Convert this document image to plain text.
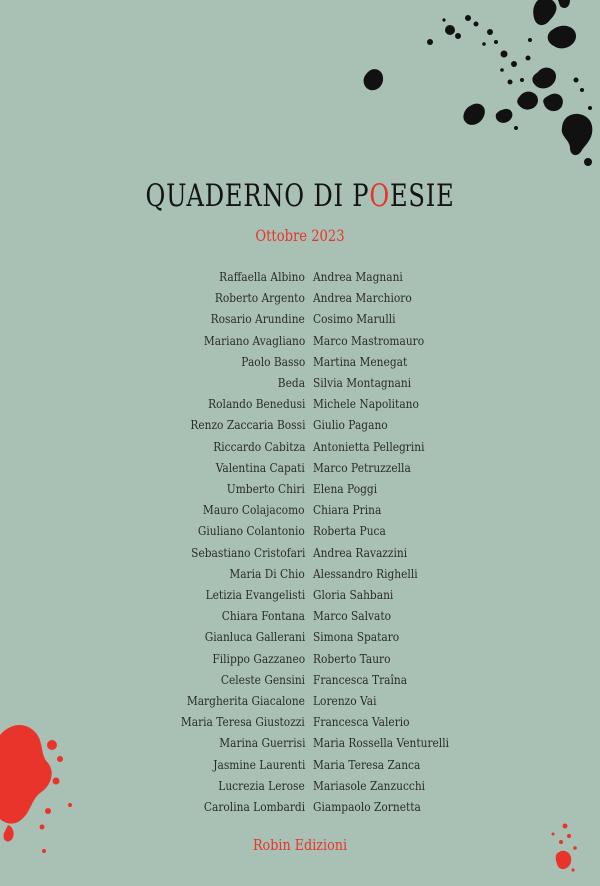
QUADERNO DI POESIE
Ottobre 2023
Raffaella Albino Andrea Magnani
Roberto Argento Andrea Marchioro
Rosario Arundine Cosimo Marulli
Mariano Avagliano Marco Mastromauro
Paolo Basso Martina Menegat
Beda Silvia Montagnani
Rolando Benedusi Michele Napolitano
Renzo Zaccaria Bossi Giulio Pagano
Riccardo Cabitza Antonietta Pellegrini
Valentina Capati Marco Petruzzella
Umberto Chiri Elena Poggi
Mauro Colajacomo Chiara Prina
Giuliano Colantonio Roberta Puca
Sebastiano Cristofari Andrea Ravazzini
Maria Di Chio Alessandro Righelli
Letizia Evangelisti Gloria Sahbani
Chiara Fontana Marco Salvato
Gianluca Gallerani Simona Spataro
Filippo Gazzaneo Roberto Tauro
Celeste Gensini Francesca Traîna
Margherita Giacalone Lorenzo Vai
Maria Teresa Giustozzi Francesca Valerio
Marina Guerrisi Maria Rossella Venturelli
Jasmine Laurenti Maria Teresa Zanca
Lucrezia Lerose Mariasole Zanzucchi
Carolina Lombardi Giampaolo Zornetta
Robin Edizioni
